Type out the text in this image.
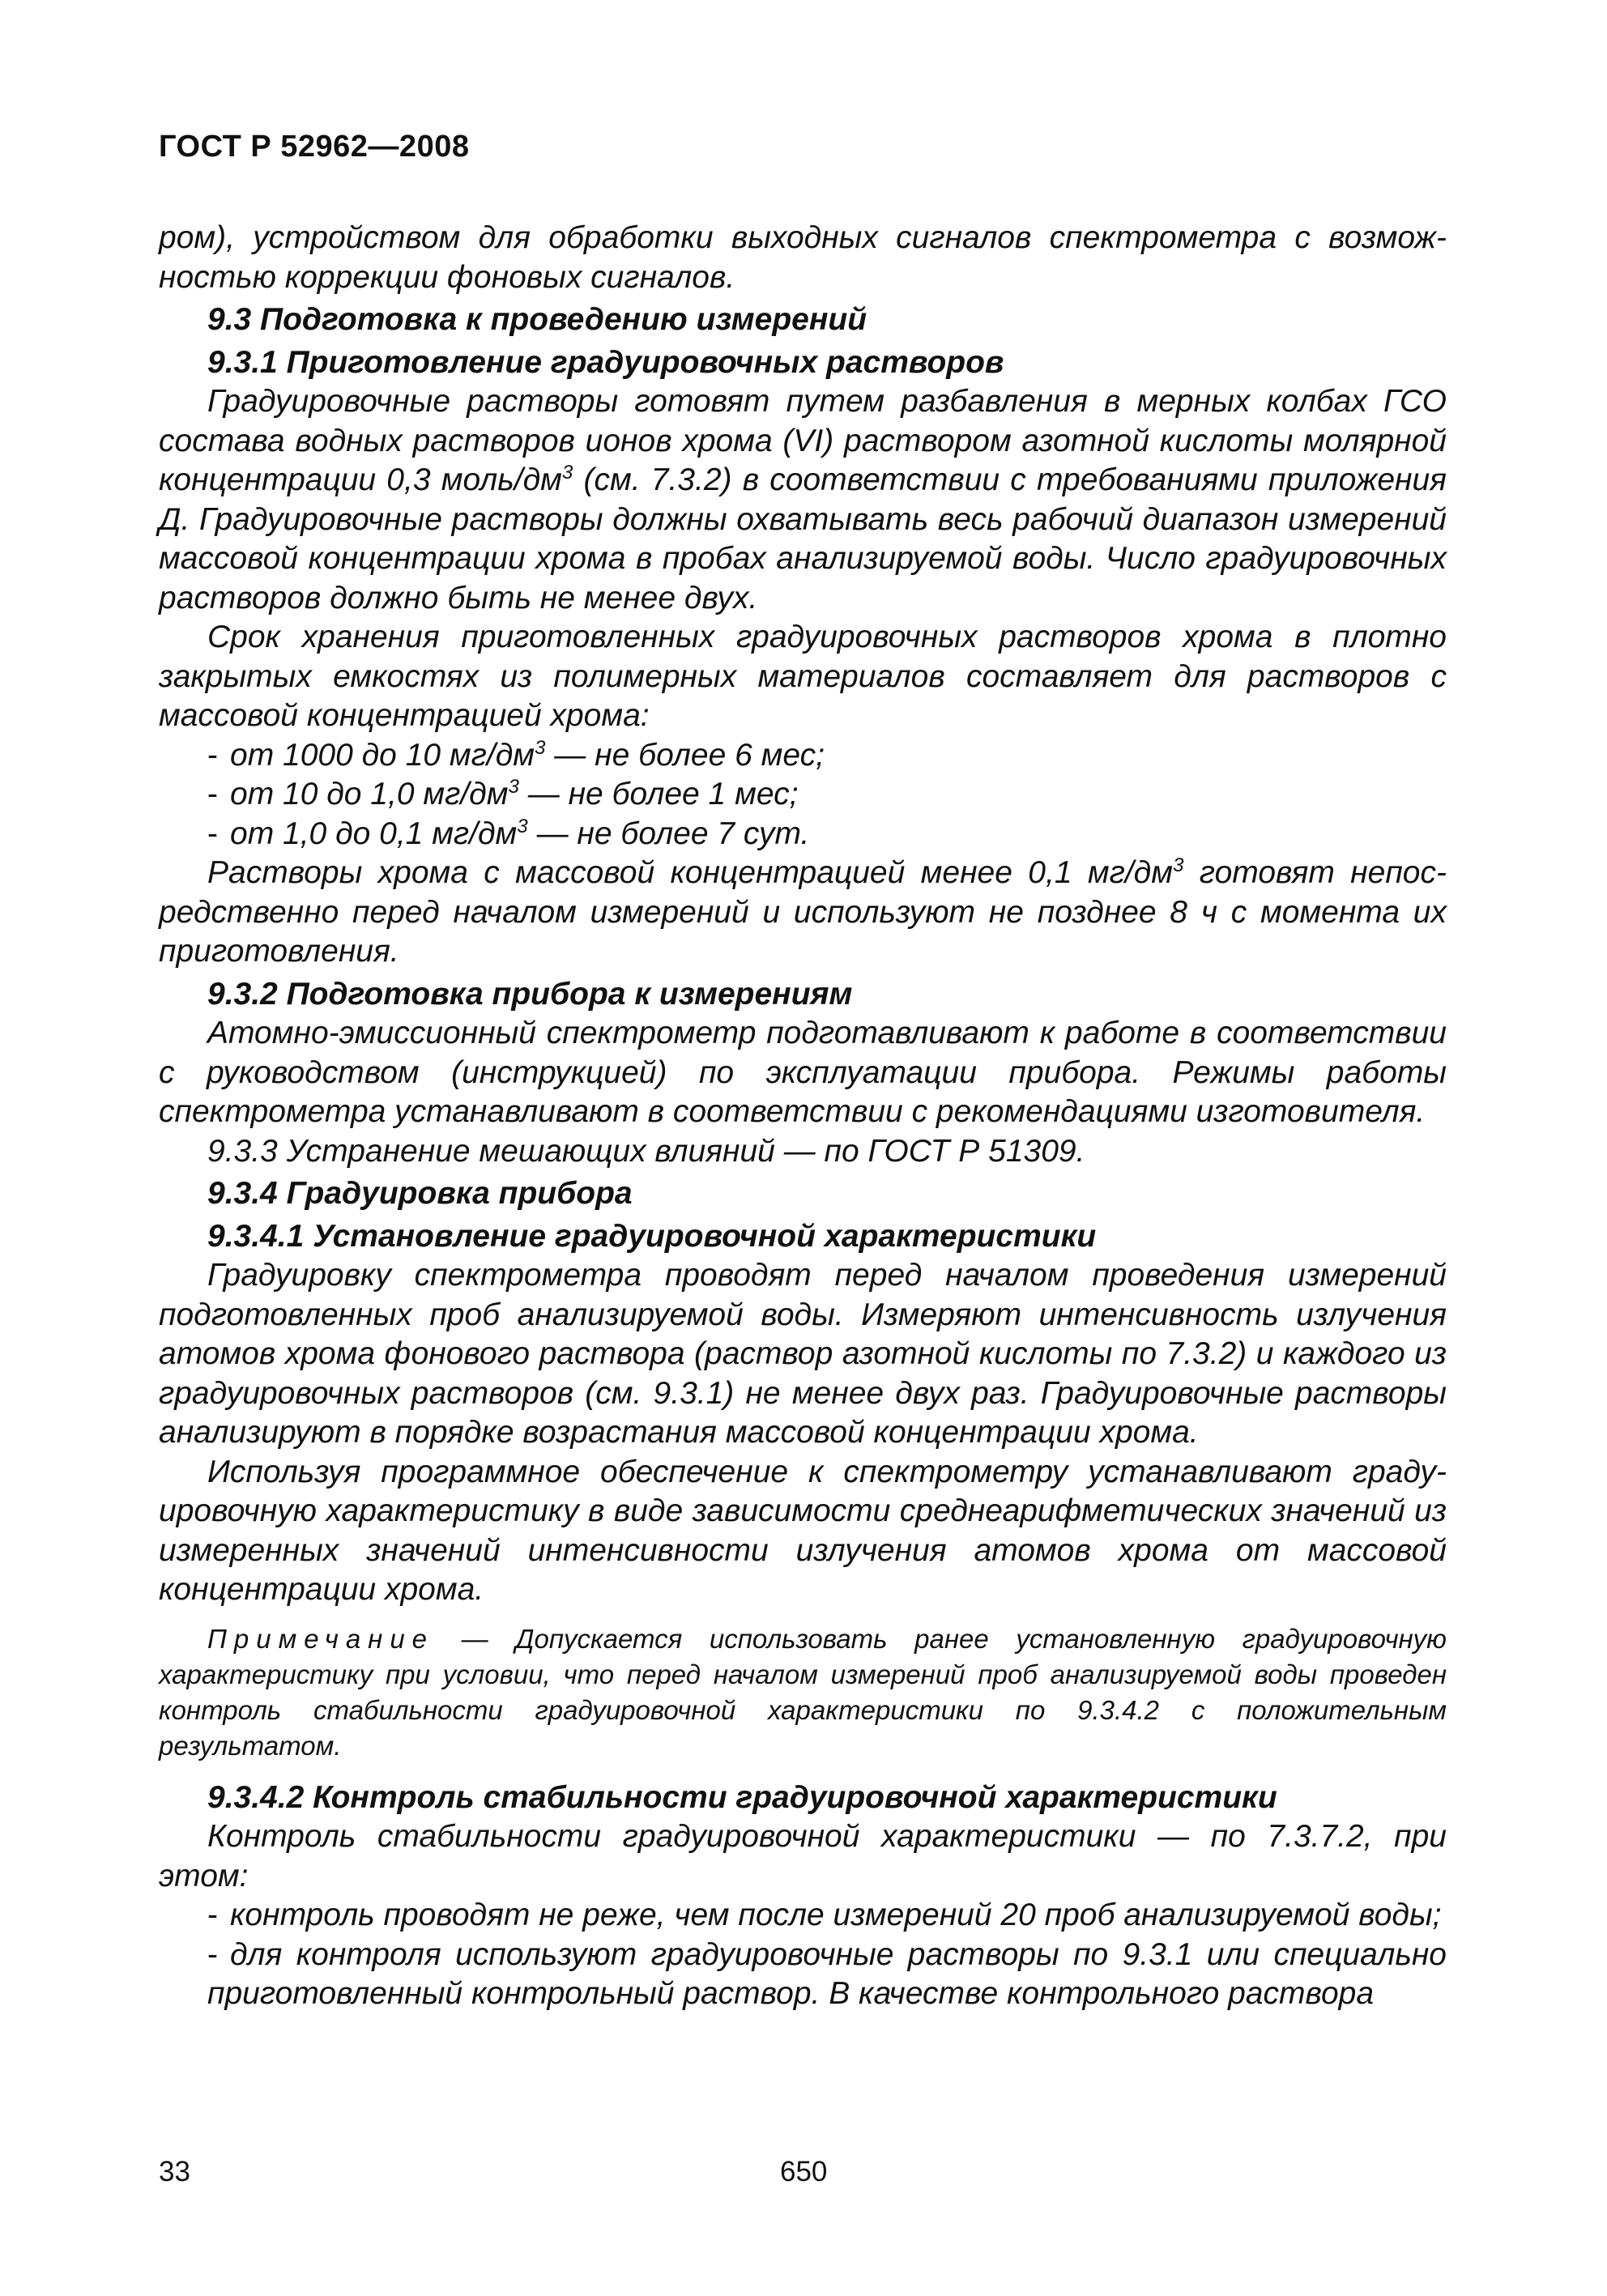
ГОСТ Р 52962—2008

ром), устройством для обработки выходных сигналов спектрометра с возможностью коррекции фоновых сигналов.

9.3 Подготовка к проведению измерений

9.3.1 Приготовление градуировочных растворов

Градуировочные растворы готовят путем разбавления в мерных колбах ГСО состава водных растворов ионов хрома (VI) раствором азотной кислоты молярной концентрации 0,3 моль/$дм^3$ (см. 7.3.2) в соответствии с требованиями приложения Д. Градуировочные растворы должны охватывать весь рабочий диапазон измерений массовой концентрации хрома в пробах анализируемой воды. Число градуировочных растворов должно быть не менее двух.

Срок хранения приготовленных градуировочных растворов хрома в плотно закрытых емкостях из полимерных материалов составляет для растворов с массовой концентрацией хрома:

- от 1000 до 10 $мг/дм^3$ — не более 6 мес;

- от 10 до 1,0 $мг/дм^3$ — не более 1 мес;

- от 1,0 до 0,1 $мг/дм^3$ — не более 7 сут.

Растворы хрома с массовой концентрацией менее 0,1 $мг/дм^3$ готовят непосредственно перед началом измерений и используют не позднее 8 ч с момента их приготовления.

9.3.2 Подготовка прибора к измерениям

Атомно-эмиссионный спектрометр подготавливают к работе в соответствии с руководством (инструкцией) по эксплуатации прибора. Режимы работы спектрометра устанавливают в соответствии с рекомендациями изготовителя.

9.3.3 Устранение мешающих влияний — по ГОСТ Р 51309.

9.3.4 Градуировка прибора

9.3.4.1 Установление градуировочной характеристики

Градуировку спектрометра проводят перед началом проведения измерений подготовленных проб анализируемой воды. Измеряют интенсивность излучения атомов хрома фонового раствора (раствор азотной кислоты по 7.3.2) и каждого из градуировочных растворов (см. 9.3.1) не менее двух раз. Градуировочные растворы анализируют в порядке возрастания массовой концентрации хрома.

Используя программное обеспечение к спектрометру устанавливают градуировочную характеристику в виде зависимости среднеарифметических значений из измеренных значений интенсивности излучения атомов хрома от массовой концентрации хрома.

Примечание — Допускается использовать ранее установленную градуировочную характеристику при условии, что перед началом измерений проб анализируемой воды проведен контроль стабильности градуировочной характеристики по 9.3.4.2 с положительным результатом.

9.3.4.2 Контроль стабильности градуировочной характеристики

Контроль стабильности градуировочной характеристики — по 7.3.7.2, при этом:

- контроль проводят не реже, чем после измерений 20 проб анализируемой воды;

- для контроля используют градуировочные растворы по 9.3.1 или специально приготовленный контрольный раствор. В качестве контрольного раствора

33	650
